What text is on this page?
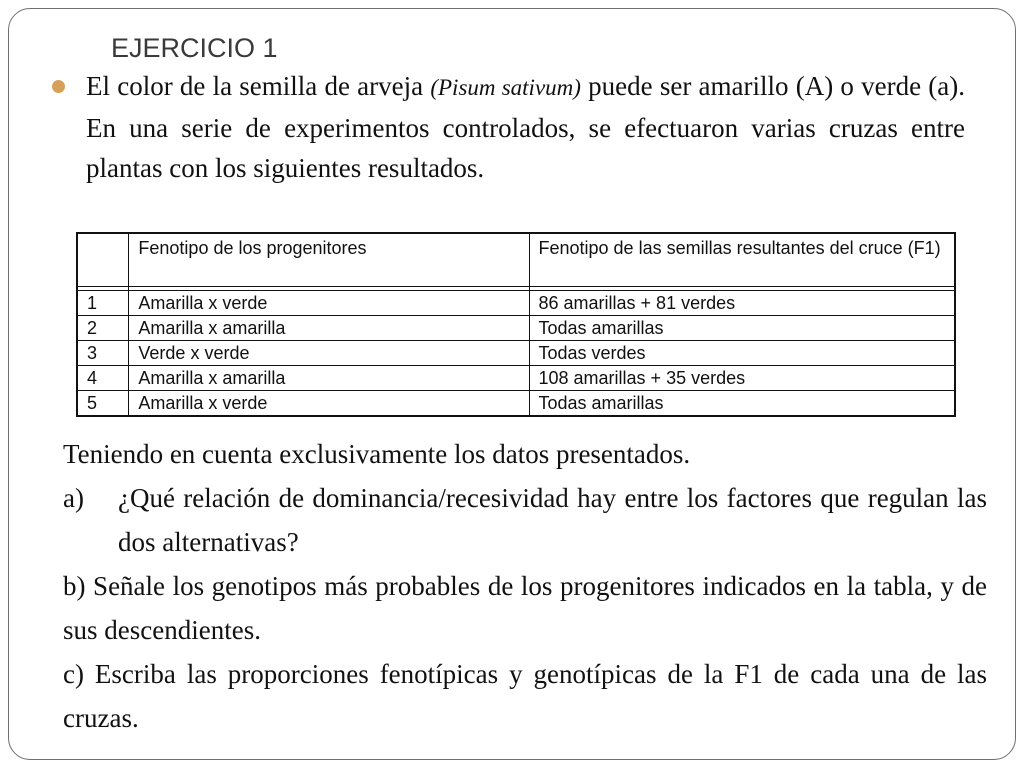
EJERCICIO 1

El color de la semilla de arveja (Pisum sativum) puede ser amarillo (A) o verde (a). En una serie de experimentos controlados, se efectuaron varias cruzas entre plantas con los siguientes resultados.

	Fenotipo de los progenitores	Fenotipo de las semillas resultantes del cruce (F1)

1	Amarilla x verde	86 amarillas + 81 verdes
2	Amarilla x amarilla	Todas amarillas
3	Verde x verde	Todas verdes
4	Amarilla x amarilla	108 amarillas + 35 verdes
5	Amarilla x verde	Todas amarillas

Teniendo en cuenta exclusivamente los datos presentados.

a)	¿Qué relación de dominancia/recesividad hay entre los factores que regulan las dos alternativas?

b) Señale los genotipos más probables de los progenitores indicados en la tabla, y de sus descendientes.

c) Escriba las proporciones fenotípicas y genotípicas de la F1 de cada una de las cruzas.
